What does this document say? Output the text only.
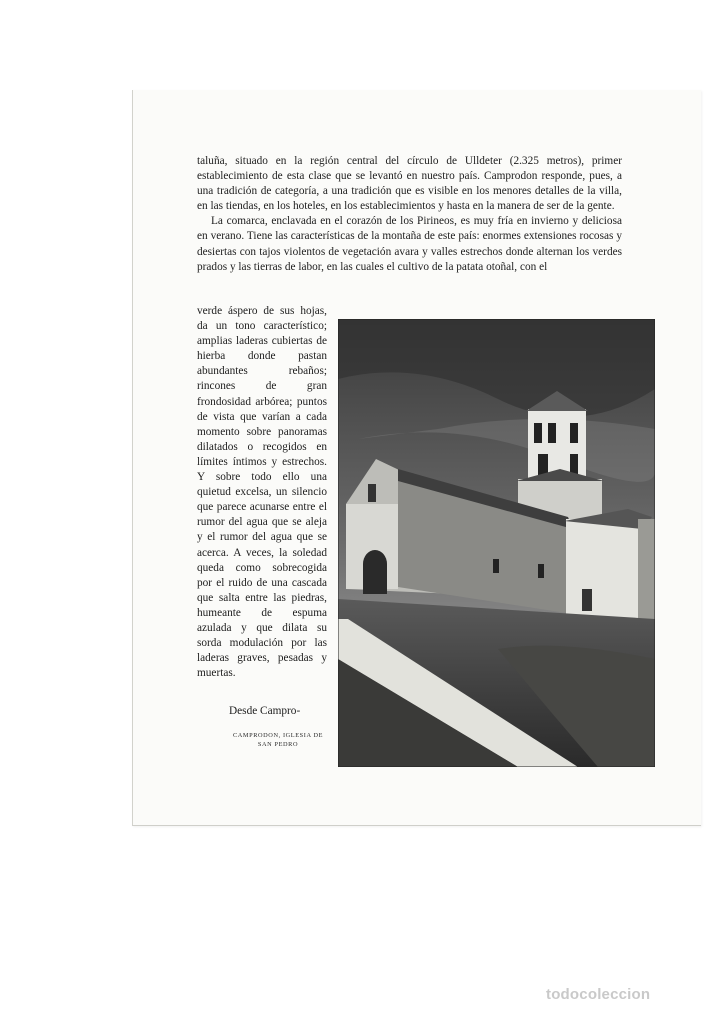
taluña, situado en la región central del círculo de Ulldeter (2.325 metros), primer establecimiento de esta clase que se levantó en nuestro país. Camprodon responde, pues, a una tradición de categoría, a una tradición que es visible en los menores detalles de la villa, en las tiendas, en los hoteles, en los establecimientos y hasta en la manera de ser de la gente.

La comarca, enclavada en el corazón de los Pirineos, es muy fría en invierno y deliciosa en verano. Tiene las características de la montaña de este país: enormes extensiones rocosas y desiertas con tajos violentos de vegetación avara y valles estrechos donde alternan los verdes prados y las tierras de labor, en las cuales el cultivo de la patata otoñal, con el

verde áspero de sus hojas, da un tono característico; amplias laderas cubiertas de hierba donde pastan abundantes rebaños; rincones de gran frondosidad arbórea; puntos de vista que varían a cada momento sobre panoramas dilatados o recogidos en límites íntimos y estrechos. Y sobre todo ello una quietud excelsa, un silencio que parece acunarse entre el rumor del agua que se aleja y el rumor del agua que se acerca. A veces, la soledad queda como sobrecogida por el ruido de una cascada que salta entre las piedras, humeante de espuma azulada y que dilata su sorda modulación por las laderas graves, pesadas y muertas.

Desde Campro-
CAMPRODON, IGLESIA DE SAN PEDRO
todocoleccion
